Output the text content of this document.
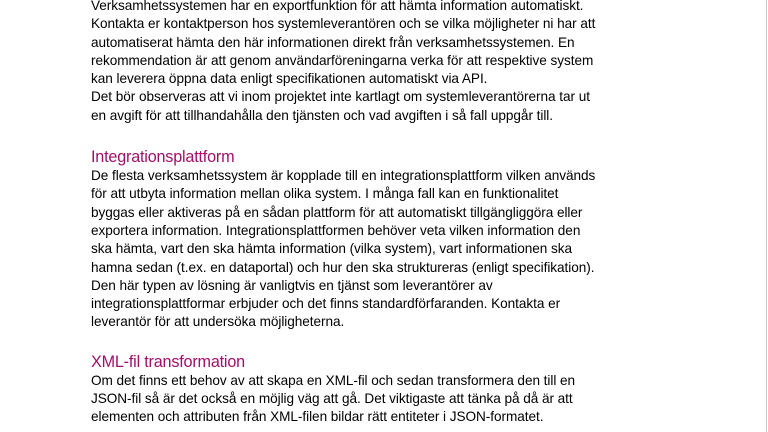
Verksamhetssystemen har en exportfunktion för att hämta information automatiskt.
Kontakta er kontaktperson hos systemleverantören och se vilka möjligheter ni har att
automatiserat hämta den här informationen direkt från verksamhetssystemen. En
rekommendation är att genom användarföreningarna verka för att respektive system
kan leverera öppna data enligt specifikationen automatiskt via API.
Det bör observeras att vi inom projektet inte kartlagt om systemleverantörerna tar ut
en avgift för att tillhandahålla den tjänsten och vad avgiften i så fall uppgår till.
Integrationsplattform
De flesta verksamhetssystem är kopplade till en integrationsplattform vilken används
för att utbyta information mellan olika system. I många fall kan en funktionalitet
byggas eller aktiveras på en sådan plattform för att automatiskt tillgängliggöra eller
exportera information. Integrationsplattformen behöver veta vilken information den
ska hämta, vart den ska hämta information (vilka system), vart informationen ska
hamna sedan (t.ex. en dataportal) och hur den ska struktureras (enligt specifikation).
Den här typen av lösning är vanligtvis en tjänst som leverantörer av
integrationsplattformar erbjuder och det finns standardförfaranden. Kontakta er
leverantör för att undersöka möjligheterna.
XML-fil transformation
Om det finns ett behov av att skapa en XML-fil och sedan transformera den till en
JSON-fil så är det också en möjlig väg att gå. Det viktigaste att tänka på då är att
elementen och attributen från XML-filen bildar rätt entiteter i JSON-formatet.
